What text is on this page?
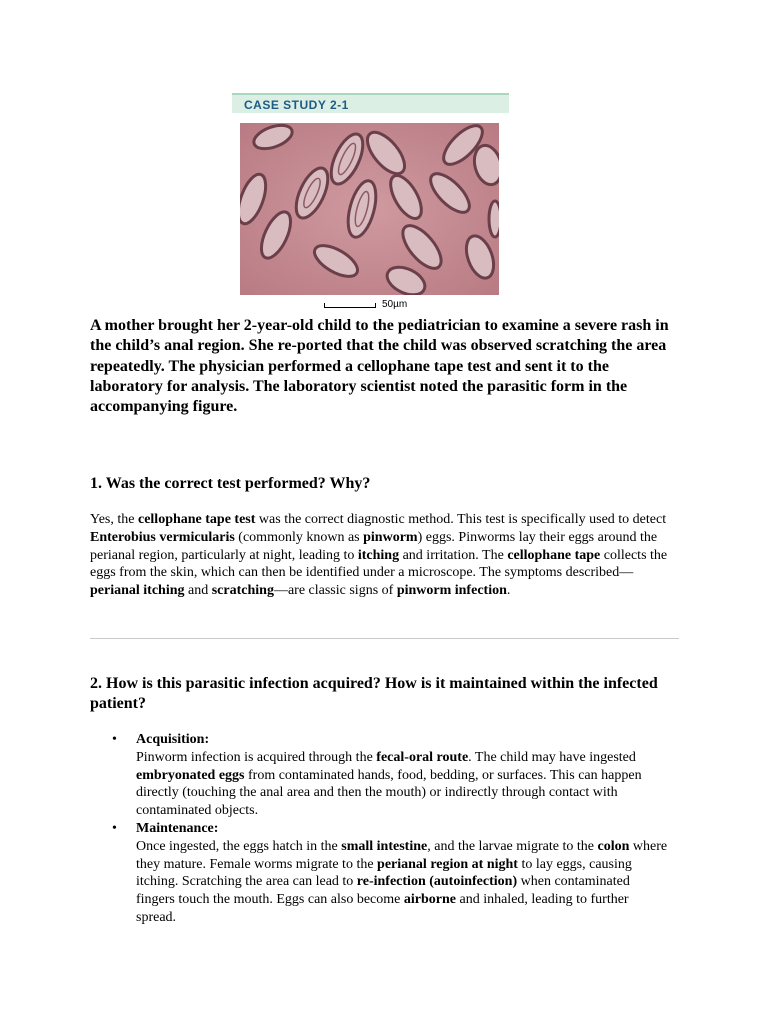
CASE STUDY 2-1
50µm

A mother brought her 2-year-old child to the pediatrician to examine a severe rash in the child’s anal region. She re-ported that the child was observed scratching the area repeatedly. The physician performed a cellophane tape test and sent it to the laboratory for analysis. The laboratory scientist noted the parasitic form in the accompanying figure.

1. Was the correct test performed? Why?

Yes, the cellophane tape test was the correct diagnostic method. This test is specifically used to detect Enterobius vermicularis (commonly known as pinworm) eggs. Pinworms lay their eggs around the perianal region, particularly at night, leading to itching and irritation. The cellophane tape collects the eggs from the skin, which can then be identified under a microscope. The symptoms described—perianal itching and scratching—are classic signs of pinworm infection.

2. How is this parasitic infection acquired? How is it maintained within the infected patient?

• Acquisition:
Pinworm infection is acquired through the fecal-oral route. The child may have ingested embryonated eggs from contaminated hands, food, bedding, or surfaces. This can happen directly (touching the anal area and then the mouth) or indirectly through contact with contaminated objects.
• Maintenance:
Once ingested, the eggs hatch in the small intestine, and the larvae migrate to the colon where they mature. Female worms migrate to the perianal region at night to lay eggs, causing itching. Scratching the area can lead to re-infection (autoinfection) when contaminated fingers touch the mouth. Eggs can also become airborne and inhaled, leading to further spread.
